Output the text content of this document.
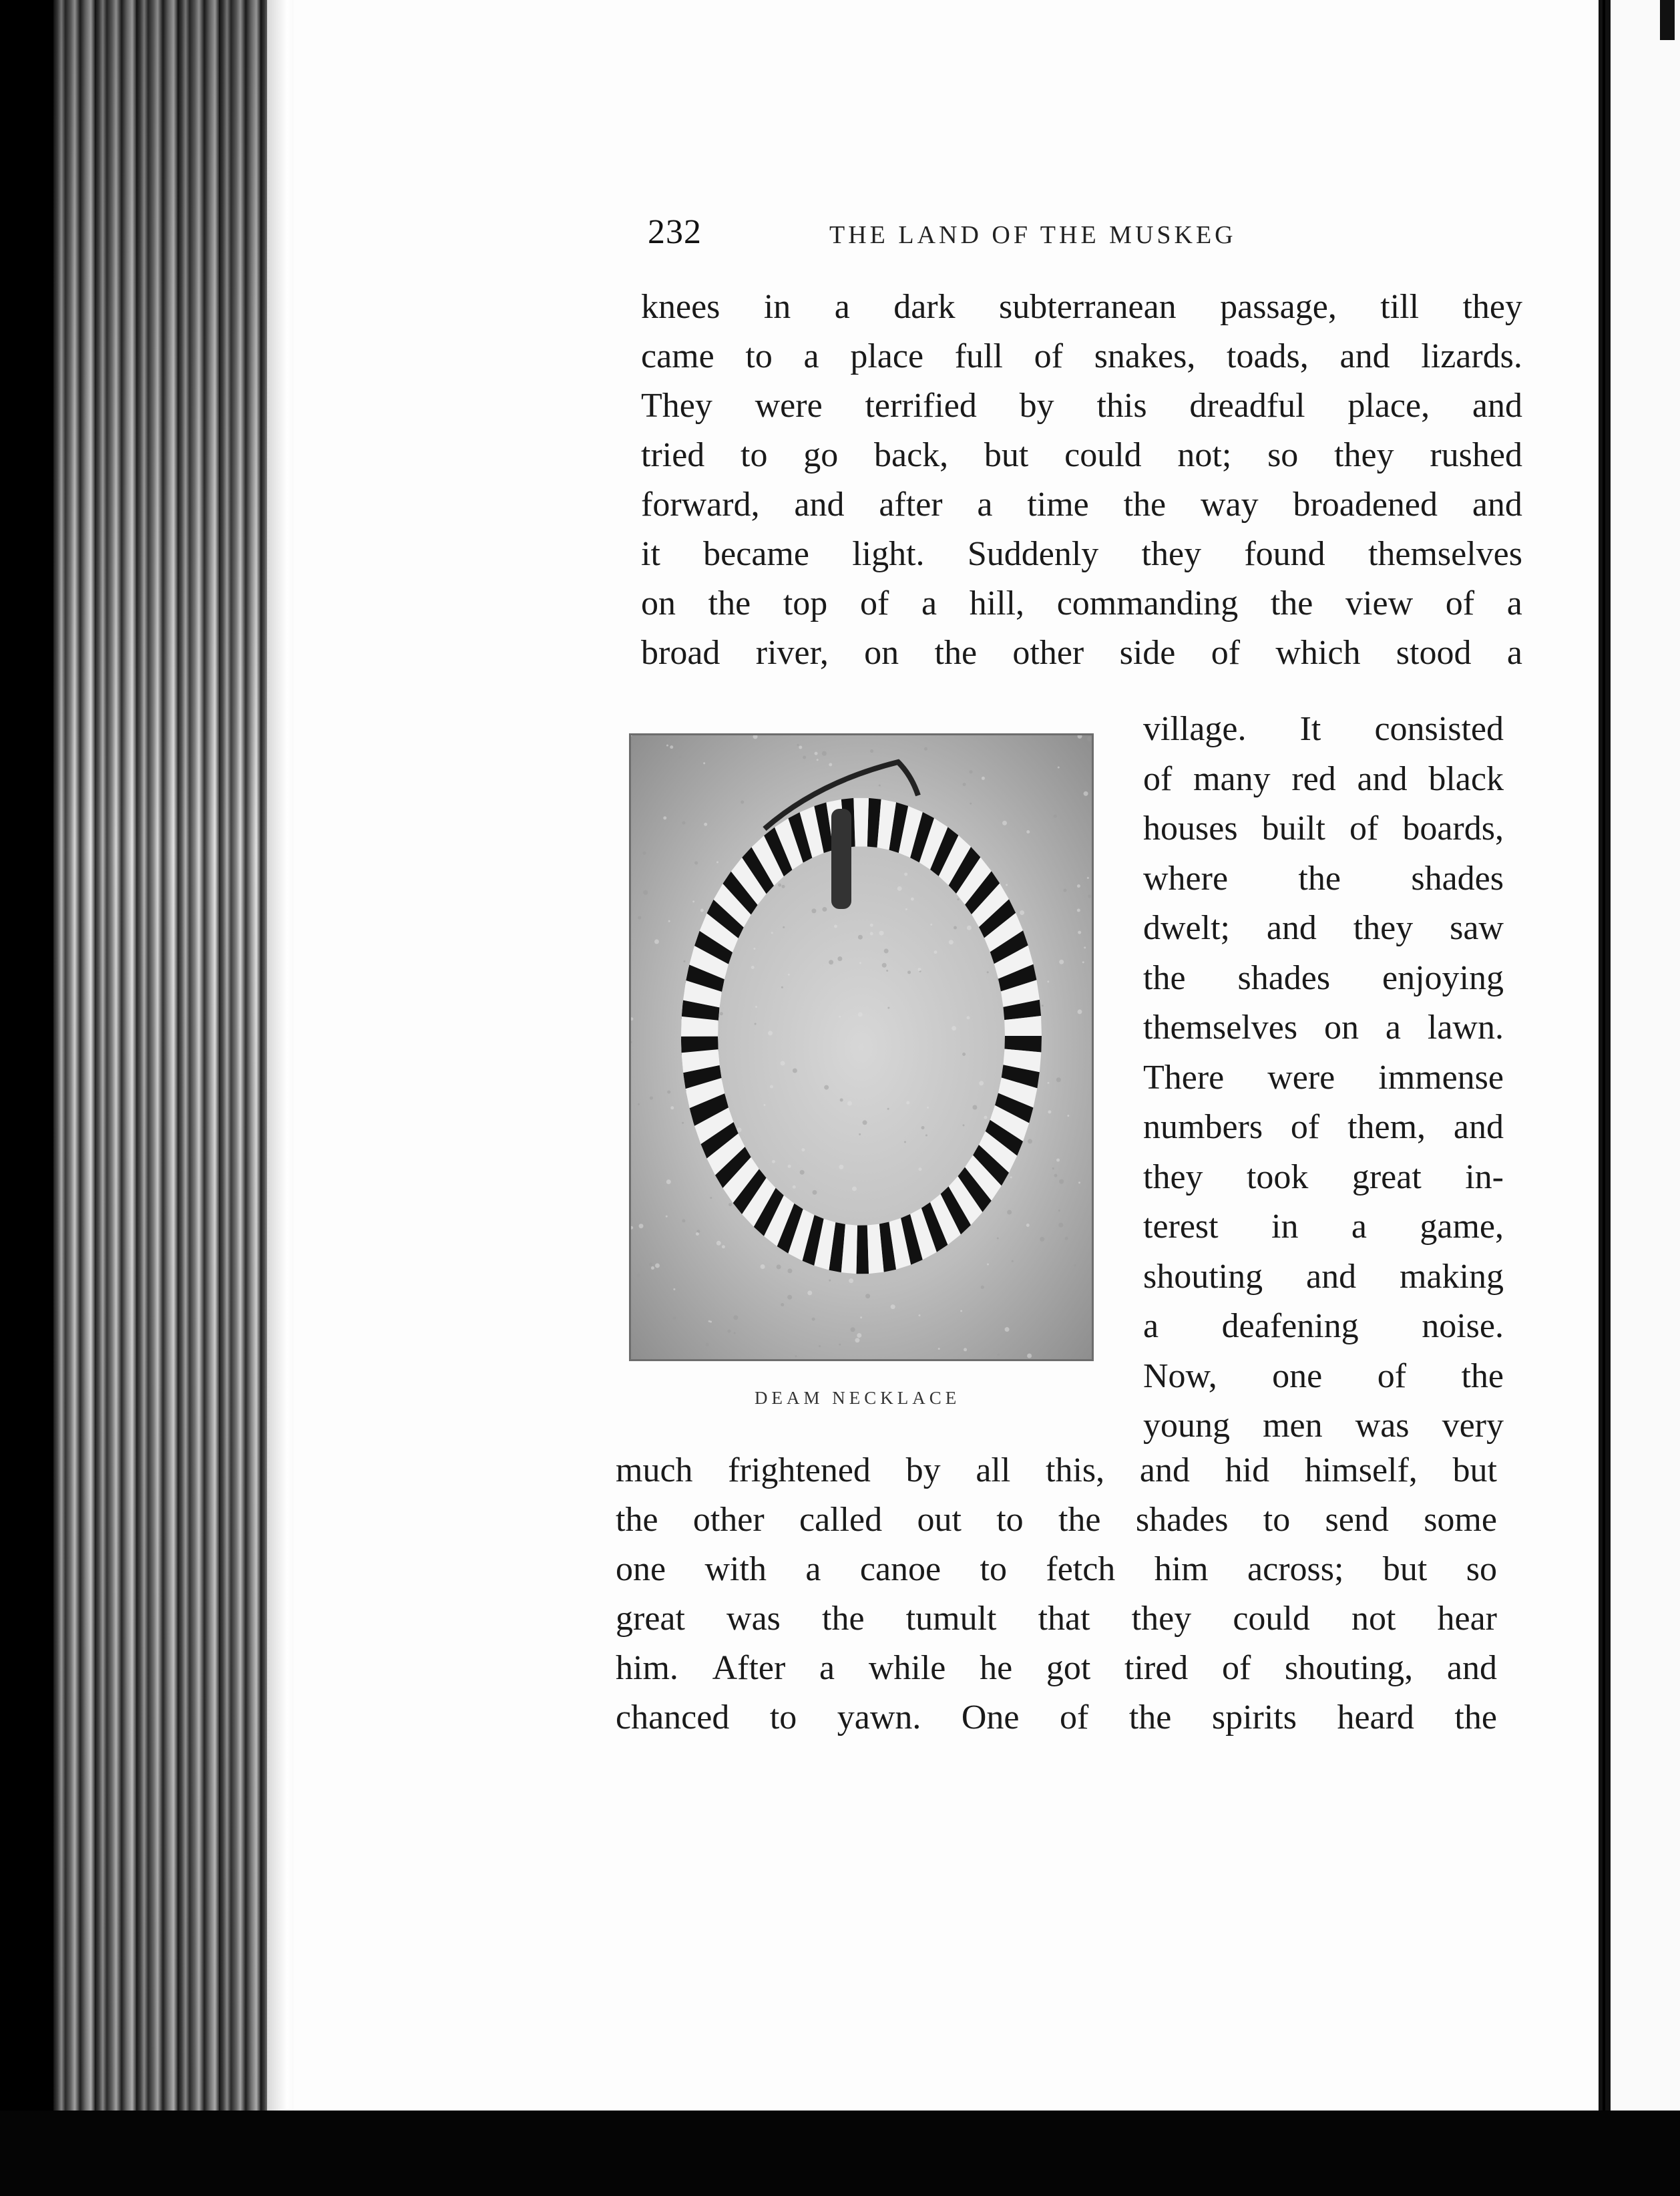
232	THE LAND OF THE MUSKEG
knees in a dark subterranean passage, till they
came to a place full of snakes, toads, and lizards.
They were terrified by this dreadful place, and
tried to go back, but could not; so they rushed
forward, and after a time the way broadened and
it became light. Suddenly they found themselves
on the top of a hill, commanding the view of a
broad river, on the other side of which stood a
village. It consisted
of many red and black
houses built of boards,
where the shades
dwelt; and they saw
the shades enjoying
themselves on a lawn.
There were immense
numbers of them, and
they took great in-
terest in a game,
shouting and making
a deafening noise.
Now, one of the
young men was very
much frightened by all this, and hid himself, but
the other called out to the shades to send some
one with a canoe to fetch him across; but so
great was the tumult that they could not hear
him. After a while he got tired of shouting, and
chanced to yawn. One of the spirits heard the
DEAM NECKLACE
